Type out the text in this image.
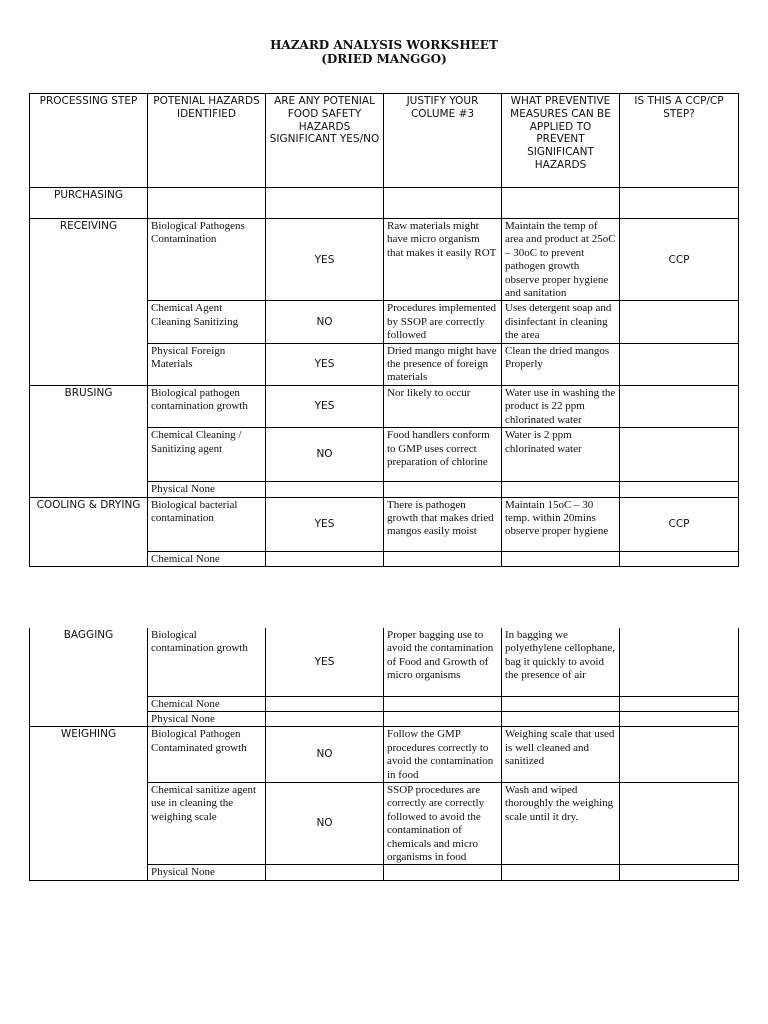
HAZARD ANALYSIS WORKSHEET
(DRIED MANGGO)
PROCESSING STEP	POTENIAL HAZARDS IDENTIFIED	ARE ANY POTENIAL FOOD SAFETY HAZARDS SIGNIFICANT YES/NO	JUSTIFY YOUR COLUME #3	WHAT PREVENTIVE MEASURES CAN BE APPLIED TO PREVENT SIGNIFICANT HAZARDS	IS THIS A CCP/CP STEP?
PURCHASING					
RECEIVING	Biological Pathogens Contamination	YES	Raw materials might have micro organism that makes it easily ROT	Maintain the temp of area and product at 25oC – 30oC to prevent pathogen growth observe proper hygiene and sanitation	CCP
	Chemical Agent Cleaning Sanitizing	NO	Procedures implemented by SSOP are correctly followed	Uses detergent soap and disinfectant in cleaning the area	
	Physical Foreign Materials	YES	Dried mango might have the presence of foreign materials	Clean the dried mangos Properly	
BRUSING	Biological pathogen contamination growth	YES	Nor likely to occur	Water use in washing the product is 22 ppm chlorinated water	
	Chemical Cleaning / Sanitizing agent	NO	Food handlers conform to GMP uses correct preparation of chlorine	Water is 2 ppm chlorinated water	
	Physical None				
COOLING & DRYING	Biological bacterial contamination	YES	There is pathogen growth that makes dried mangos easily moist	Maintain 15oC – 30 temp. within 20mins observe proper hygiene	CCP
	Chemical None				
BAGGING	Biological contamination growth	YES	Proper bagging use to avoid the contamination of Food and Growth of micro organisms	In bagging we polyethylene cellophane, bag it quickly to avoid the presence of air	
	Chemical None				
	Physical None				
WEIGHING	Biological Pathogen Contaminated growth	NO	Follow the GMP procedures correctly to avoid the contamination in food	Weighing scale that used is well cleaned and sanitized	
	Chemical sanitize agent use in cleaning the weighing scale	NO	SSOP procedures are correctly are correctly followed to avoid the contamination of chemicals and micro organisms in food	Wash and wiped thoroughly the weighing scale until it dry.	
	Physical None				
